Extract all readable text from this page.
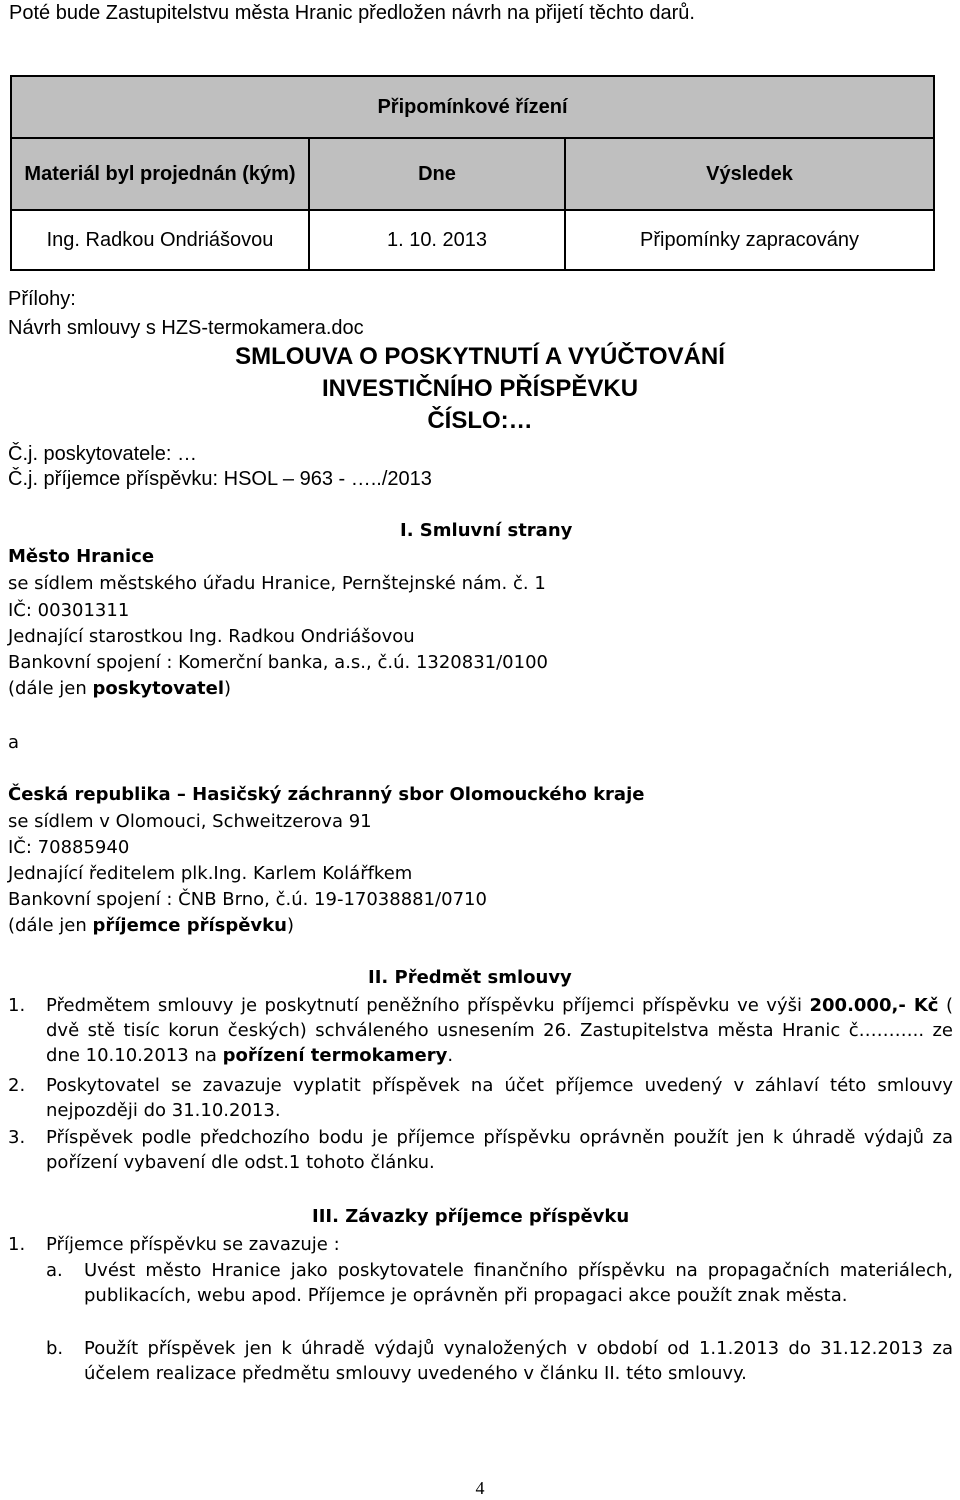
Poté bude Zastupitelstvu města Hranic předložen návrh na přijetí těchto darů.
Připomínkové řízení		
Materiál byl projednán (kým)	Dne	Výsledek
Ing. Radkou Ondriášovou	1. 10. 2013	Připomínky zapracovány
Přílohy:
Návrh smlouvy s HZS-termokamera.doc
SMLOUVA O POSKYTNUTÍ A VYÚČTOVÁNÍ
INVESTIČNÍHO PŘÍSPĚVKU
ČÍSLO:…
Č.j. poskytovatele: …
Č.j. příjemce příspěvku: HSOL – 963 - …../2013
I. Smluvní strany
Město Hranice
se sídlem městského úřadu Hranice, Pernštejnské nám. č. 1
IČ: 00301311
Jednající starostkou Ing. Radkou Ondriášovou
Bankovní spojení : Komerční banka, a.s., č.ú. 1320831/0100
(dále jen poskytovatel)
a
Česká republika – Hasičský záchranný sbor Olomouckého kraje
se sídlem v Olomouci, Schweitzerova 91
IČ: 70885940
Jednající ředitelem plk.Ing. Karlem Kolářfkem
Bankovní spojení : ČNB Brno, č.ú. 19-17038881/0710
(dále jen příjemce příspěvku)
II. Předmět smlouvy
1. Předmětem smlouvy je poskytnutí peněžního příspěvku příjemci příspěvku ve výši 200.000,- Kč ( dvě stě tisíc korun českých) schváleného usnesením 26. Zastupitelstva města Hranic č……….. ze dne 10.10.2013 na pořízení termokamery.
2. Poskytovatel se zavazuje vyplatit příspěvek na účet příjemce uvedený v záhlaví této smlouvy nejpozději do 31.10.2013.
3. Příspěvek podle předchozího bodu je příjemce příspěvku oprávněn použít jen k úhradě výdajů za pořízení vybavení dle odst.1 tohoto článku.
III. Závazky příjemce příspěvku
1. Příjemce příspěvku se zavazuje :
a. Uvést město Hranice jako poskytovatele finančního příspěvku na propagačních materiálech, publikacích, webu apod. Příjemce je oprávněn při propagaci akce použít znak města.
b. Použít příspěvek jen k úhradě výdajů vynaložených v období od 1.1.2013 do 31.12.2013 za účelem realizace předmětu smlouvy uvedeného v článku II. této smlouvy.
4
